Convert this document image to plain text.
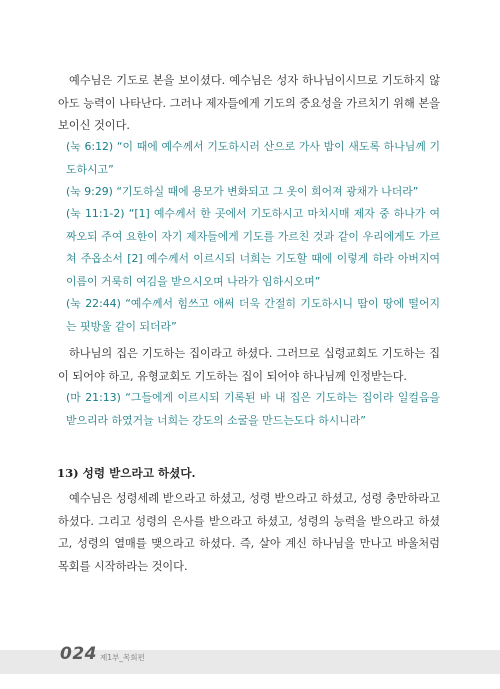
예수님은 기도로 본을 보이셨다. 예수님은 성자 하나님이시므로 기도하지 않아도 능력이 나타난다. 그러나 제자들에게 기도의 중요성을 가르치기 위해 본을 보이신 것이다.

(눅 6:12) “이 때에 예수께서 기도하시러 산으로 가사 밤이 새도록 하나님께 기도하시고”

(눅 9:29) “기도하실 때에 용모가 변화되고 그 옷이 희어져 광채가 나더라”

(눅 11:1-2) “[1] 예수께서 한 곳에서 기도하시고 마치시매 제자 중 하나가 여짜오되 주여 요한이 자기 제자들에게 기도를 가르친 것과 같이 우리에게도 가르쳐 주옵소서 [2] 예수께서 이르시되 너희는 기도할 때에 이렇게 하라 아버지여 이름이 거룩히 여김을 받으시오며 나라가 임하시오며”

(눅 22:44) “예수께서 힘쓰고 애써 더욱 간절히 기도하시니 땀이 땅에 떨어지는 핏방울 같이 되더라”

하나님의 집은 기도하는 집이라고 하셨다. 그러므로 십령교회도 기도하는 집이 되어야 하고, 유형교회도 기도하는 집이 되어야 하나님께 인정받는다.

(마 21:13) “그들에게 이르시되 기록된 바 내 집은 기도하는 집이라 일컬음을 받으리라 하였거늘 너희는 강도의 소굴을 만드는도다 하시니라”

13) 성령 받으라고 하셨다.

예수님은 성령세례 받으라고 하셨고, 성령 받으라고 하셨고, 성령 충만하라고 하셨다. 그리고 성령의 은사를 받으라고 하셨고, 성령의 능력을 받으라고 하셨고, 성령의 열매를 맺으라고 하셨다. 즉, 살아 계신 하나님을 만나고 바울처럼 목회를 시작하라는 것이다.

024 제1부_목회편
